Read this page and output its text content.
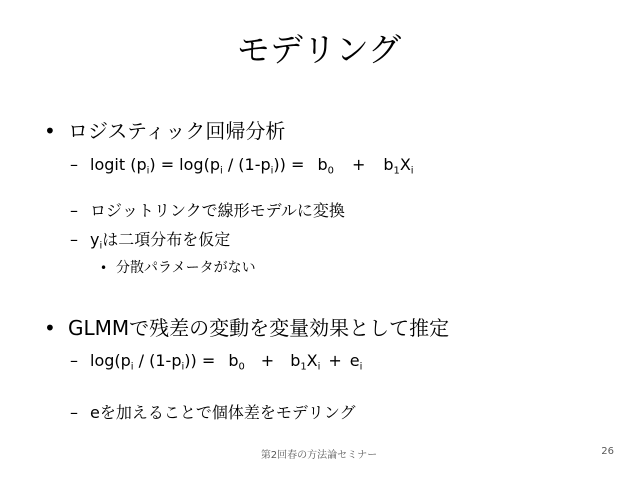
モデリング
• ロジスティック回帰分析
– logit $(p_i) = \log(p_i / (1-p_i)) = b_0 + b_1X_i$
– ロジットリンクで線形モデルに変換
– $y_i$は二項分布を仮定
• 分散パラメータがない
• GLMMで残差の変動を変量効果として推定
– $\log(p_i / (1-p_i)) = b_0 + b_1X_i + e_i$
– eを加えることで個体差をモデリング
第2回春の方法論セミナー	26
